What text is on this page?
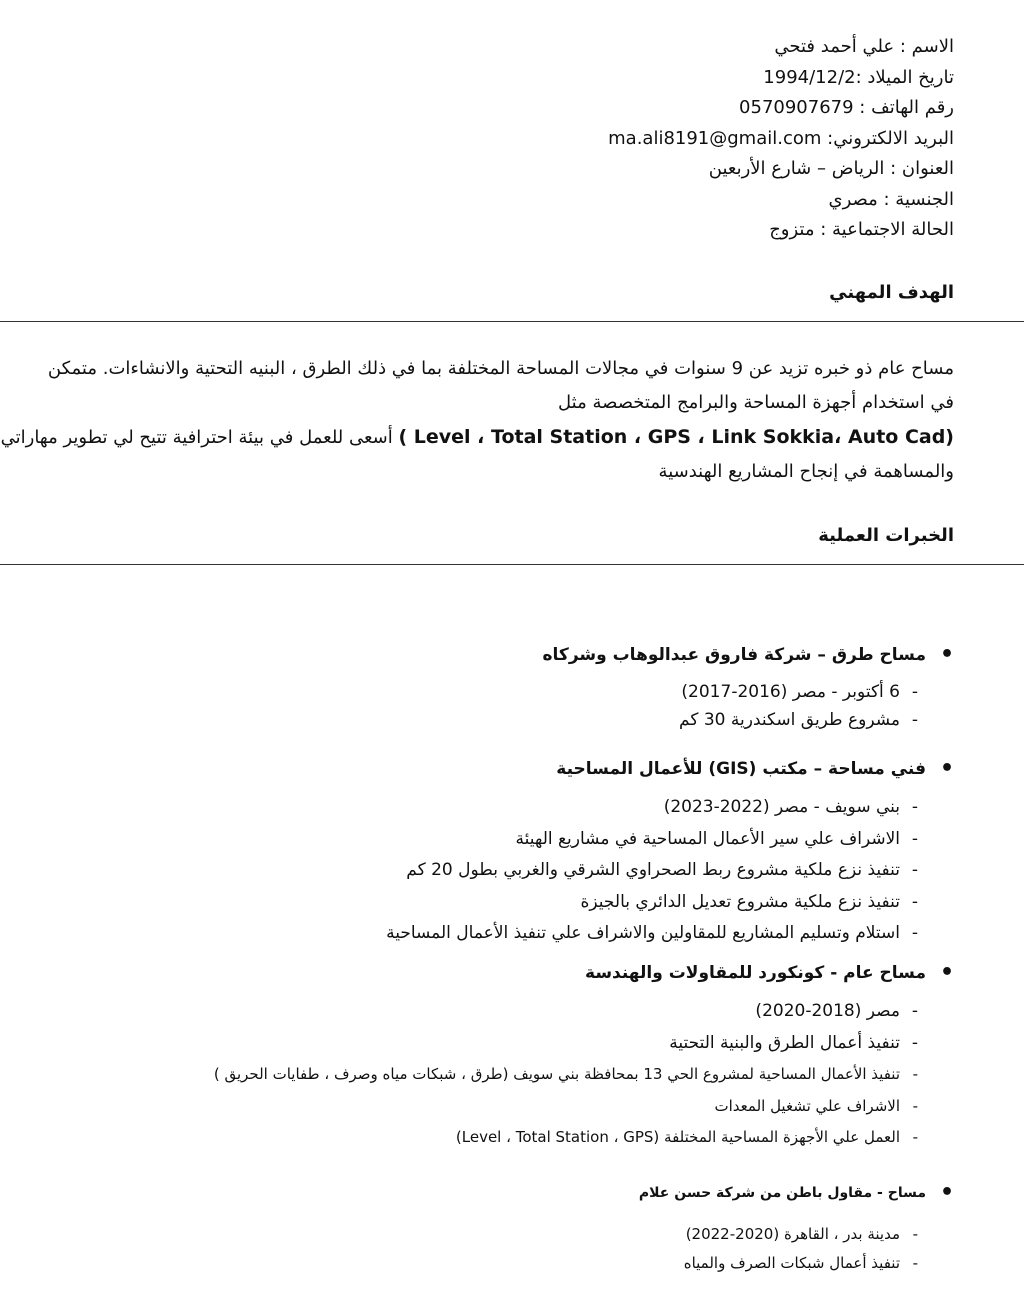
الاسم : علي أحمد فتحي
تاريخ الميلاد :1994/12/2
رقم الهاتف : 0570907679
البريد الالكتروني: ma.ali8191@gmail.com
العنوان : الرياض – شارع الأربعين
الجنسية : مصري
الحالة الاجتماعية : متزوج
الهدف المهني
مساح عام ذو خبره تزيد عن 9 سنوات في مجالات المساحة المختلفة بما في ذلك الطرق ، البنيه التحتية والانشاءات. متمكن
في استخدام أجهزة المساحة والبرامج المتخصصة مثل
( Level ، Total Station ، GPS ، Link Sokkia، Auto Cad) أسعى للعمل في بيئة احترافية تتيح لي تطوير مهاراتي
والمساهمة في إنجاح المشاريع الهندسية
الخبرات العملية
•
مساح طرق – شركة فاروق عبدالوهاب وشركاه
-
6 أكتوبر - مصر (2016-2017)
-
مشروع طريق اسكندرية 30 كم
•
فني مساحة – مكتب (GIS) للأعمال المساحية
-
بني سويف - مصر (2022-2023)
-
الاشراف علي سير الأعمال المساحية في مشاريع الهيئة
-
تنفيذ نزع ملكية مشروع ربط الصحراوي الشرقي والغربي بطول 20 كم
-
تنفيذ نزع ملكية مشروع تعديل الدائري بالجيزة
-
استلام وتسليم المشاريع للمقاولين والاشراف علي تنفيذ الأعمال المساحية
•
مساح عام - كونكورد للمقاولات والهندسة
-
مصر (2018-2020)
-
تنفيذ أعمال الطرق والبنية التحتية
-
تنفيذ الأعمال المساحية لمشروع الحي 13 بمحافظة بني سويف (طرق ، شبكات مياه وصرف ، طفايات الحريق )
-
الاشراف علي تشغيل المعدات
-
العمل علي الأجهزة المساحية المختلفة (Level ، Total Station ، GPS)
•
مساح - مقاول باطن من شركة حسن علام
-
مدينة بدر ، القاهرة (2020-2022)
-
تنفيذ أعمال شبكات الصرف والمياه
